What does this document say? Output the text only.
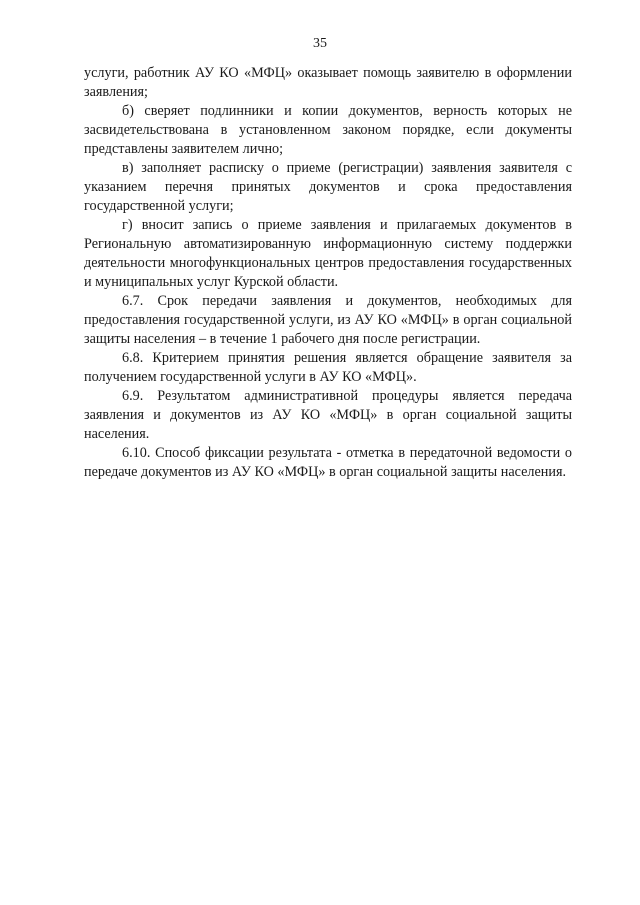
35

услуги, работник АУ КО «МФЦ» оказывает помощь заявителю в оформлении заявления;

б) сверяет подлинники и копии документов, верность которых не засвидетельствована в установленном законом порядке, если документы представлены заявителем лично;

в) заполняет расписку о приеме (регистрации) заявления заявителя с указанием перечня принятых документов и срока предоставления государственной услуги;

г) вносит запись о приеме заявления и прилагаемых документов в Региональную автоматизированную информационную систему поддержки деятельности многофункциональных центров предоставления государственных и муниципальных услуг Курской области.

6.7. Срок передачи заявления и документов, необходимых для предоставления государственной услуги, из АУ КО «МФЦ» в орган социальной защиты населения – в течение 1 рабочего дня после регистрации.

6.8. Критерием принятия решения является обращение заявителя за получением государственной услуги в АУ КО «МФЦ».

6.9. Результатом административной процедуры является передача заявления и документов из АУ КО «МФЦ» в орган социальной защиты населения.

6.10. Способ фиксации результата - отметка в передаточной ведомости о передаче документов из АУ КО «МФЦ» в орган социальной защиты населения.
